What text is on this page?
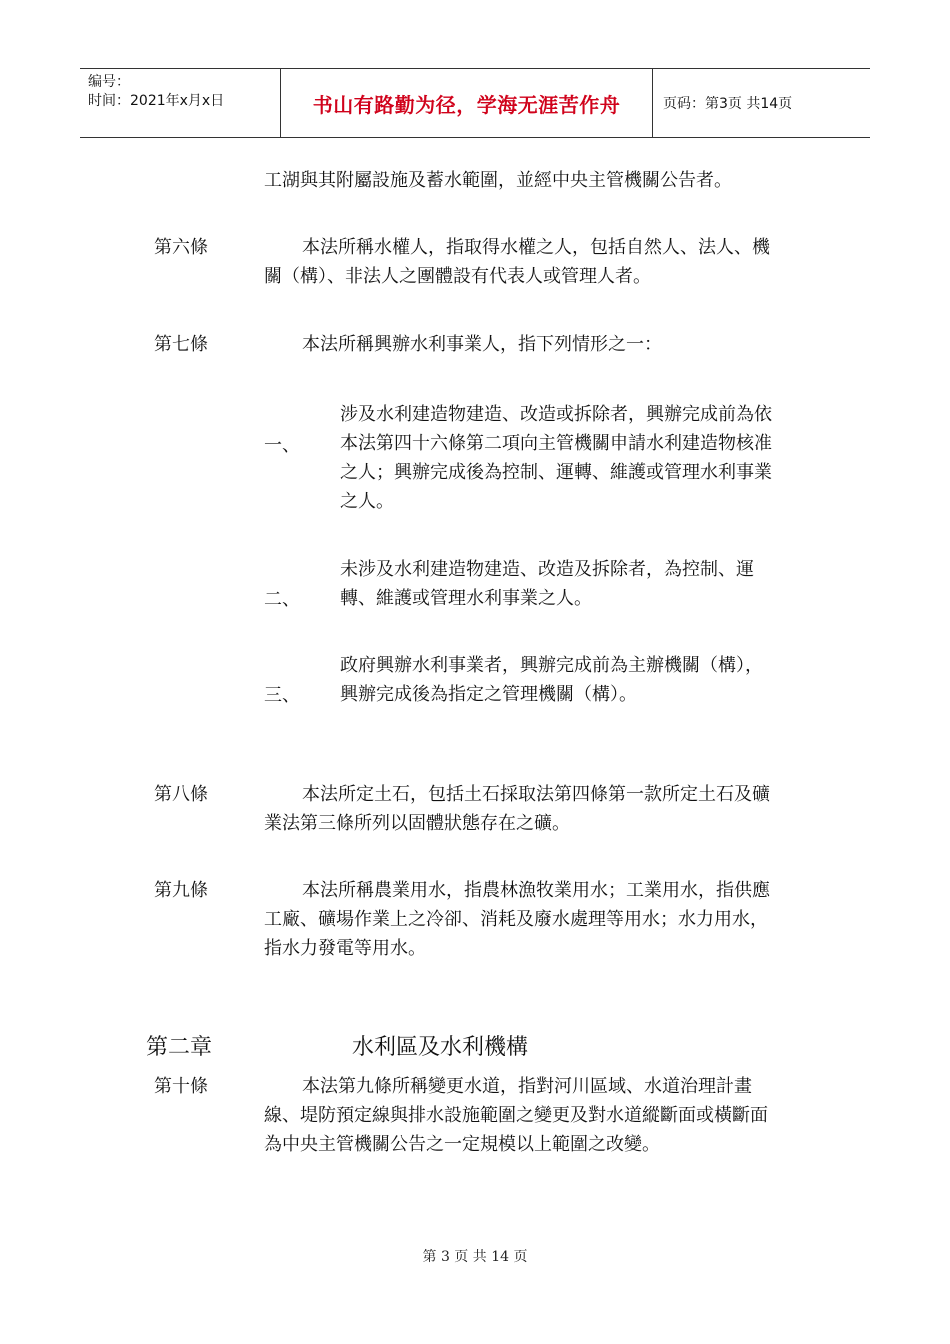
编号：
时间：2021年x月x日	书山有路勤为径，学海无涯苦作舟	页码：第3页 共14页
工湖與其附屬設施及蓄水範圍，並經中央主管機關公告者。
第六條	本法所稱水權人，指取得水權之人，包括自然人、法人、機
關（構）、非法人之團體設有代表人或管理人者。
第七條	本法所稱興辦水利事業人，指下列情形之一：
一、
涉及水利建造物建造、改造或拆除者，興辦完成前為依
本法第四十六條第二項向主管機關申請水利建造物核准
之人；興辦完成後為控制、運轉、維護或管理水利事業
之人。
二、
未涉及水利建造物建造、改造及拆除者，為控制、運
轉、維護或管理水利事業之人。
三、
政府興辦水利事業者，興辦完成前為主辦機關（構），
興辦完成後為指定之管理機關（構）。
第八條	本法所定土石，包括土石採取法第四條第一款所定土石及礦
業法第三條所列以固體狀態存在之礦。
第九條	本法所稱農業用水，指農林漁牧業用水；工業用水，指供應
工廠、礦場作業上之冷卻、消耗及廢水處理等用水；水力用水，
指水力發電等用水。
第二章	水利區及水利機構
第十條	本法第九條所稱變更水道，指對河川區域、水道治理計畫
線、堤防預定線與排水設施範圍之變更及對水道縱斷面或橫斷面
為中央主管機關公告之一定規模以上範圍之改變。
第 3 页 共 14 页
